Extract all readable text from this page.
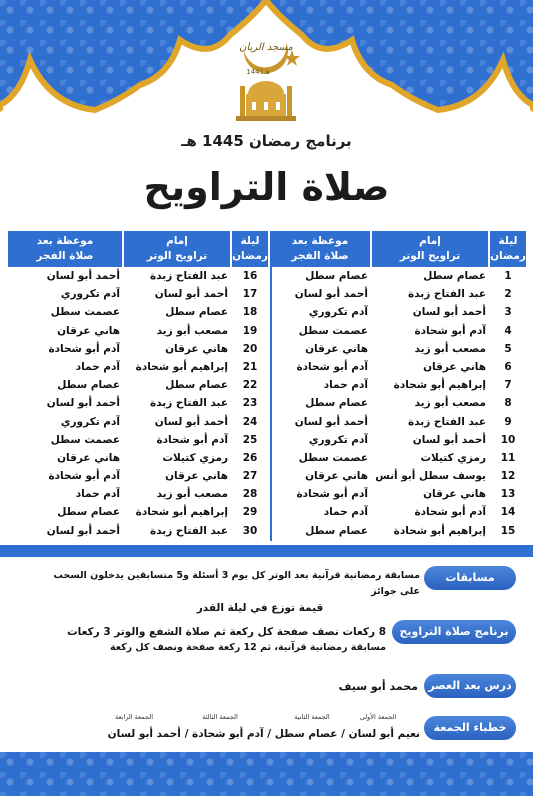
مسجد الريان
1441هـ
برنامج رمضان 1445 هـ
صلاة التراويح
ليلة
رمضان
إمام
تراويح الوتر
موعظة بعد
صلاة الفجر
ليلة
رمضان
إمام
تراويح الوتر
موعظة بعد
صلاة الفجر
1
2
3
4
5
6
7
8
9
10
11
12
13
14
15
عصام سطل
عبد الفتاح زبدة
أحمد أبو لسان
آدم أبو شحادة
مصعب أبو زيد
هاني عرقان
إبراهيم أبو شحادة
مصعب أبو زيد
عبد الفتاح زبدة
أحمد أبو لسان
رمزي كتيلات
يوسف سطل أبو أنس
هاني عرقان
آدم أبو شحادة
إبراهيم أبو شحادة
عصام سطل
أحمد أبو لسان
آدم تكروري
عصمت سطل
هاني عرقان
آدم أبو شحادة
آدم حماد
عصام سطل
أحمد أبو لسان
آدم تكروري
عصمت سطل
هاني عرقان
آدم أبو شحادة
آدم حماد
عصام سطل
16
17
18
19
20
21
22
23
24
25
26
27
28
29
30
عبد الفتاح زبدة
أحمد أبو لسان
عصام سطل
مصعب أبو زيد
هاني عرقان
إبراهيم أبو شحادة
عصام سطل
عبد الفتاح زبدة
أحمد أبو لسان
آدم أبو شحادة
رمزي كتيلات
هاني عرقان
مصعب أبو زيد
إبراهيم أبو شحادة
عبد الفتاح زبدة
أحمد أبو لسان
آدم تكروري
عصمت سطل
هاني عرقان
آدم أبو شحادة
آدم حماد
عصام سطل
أحمد أبو لسان
آدم تكروري
عصمت سطل
هاني عرقان
آدم أبو شحادة
آدم حماد
عصام سطل
أحمد أبو لسان
مسابقات
مسابقة رمضانية قرآنية بعد الوتر كل يوم 3 أسئلة و5 متسابقين يدخلون السحب على جوائز
قيمة توزع في ليلة القدر
برنامج صلاة التراويح
8 ركعات نصف صفحة كل ركعة ثم صلاة الشفع والوتر 3 ركعات
مسابقة رمضانية قرآنية، ثم 12 ركعة صفحة ونصف كل ركعة
درس بعد العصر
محمد أبو سيف
خطباء الجمعة
الجمعة الأولى
الجمعة الثانية
الجمعة الثالثة
الجمعة الرابعة
نعيم أبو لسان / عصام سطل / آدم أبو شحادة / أحمد أبو لسان
